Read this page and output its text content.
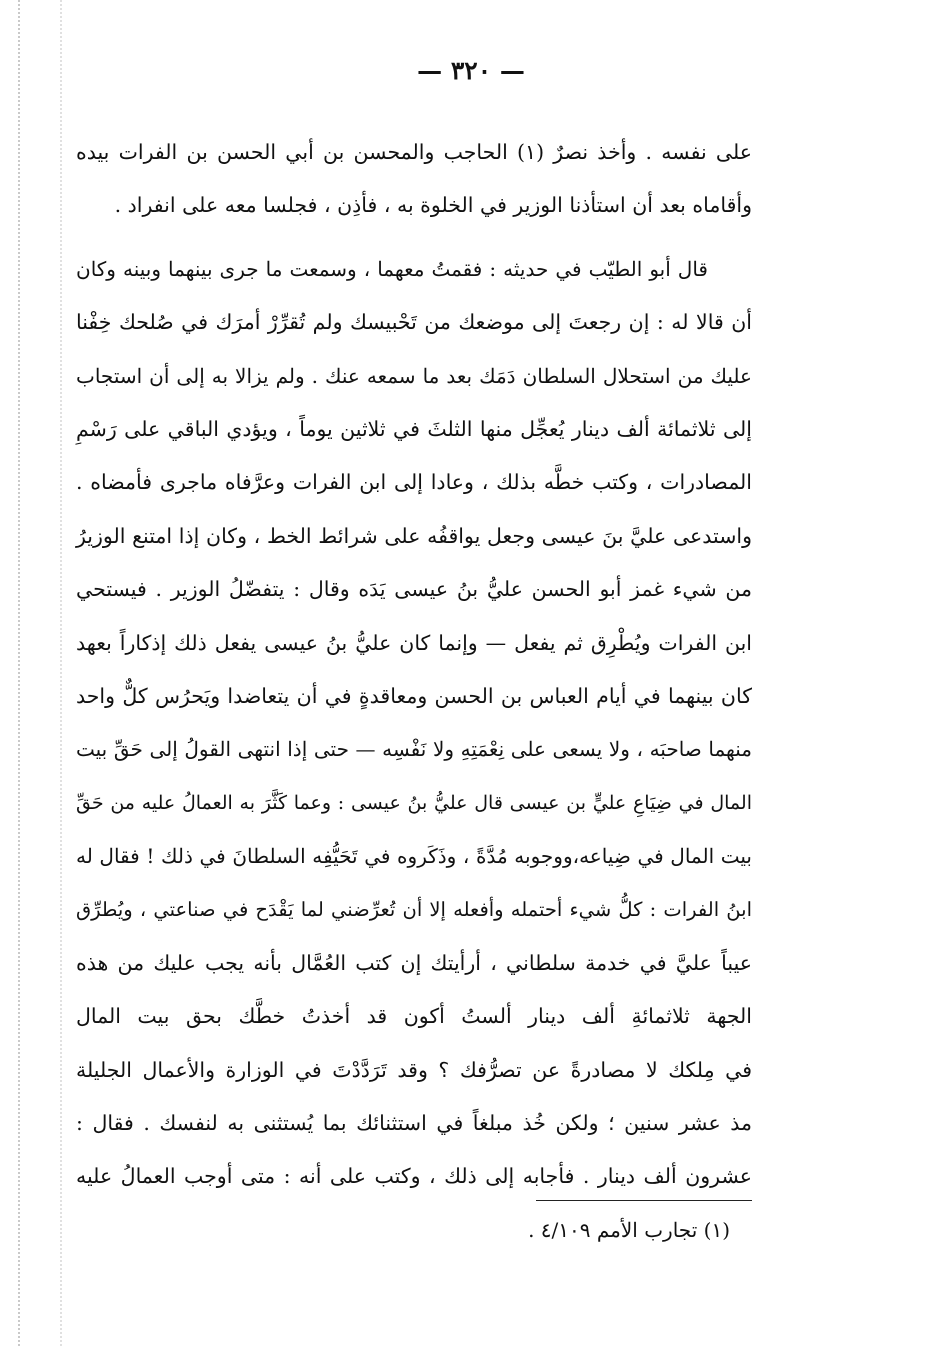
— ٣٢٠ —
على نفسه . وأخذ نصرٌ (١) الحاجب والمحسن بن أبي الحسن بن الفرات بيده
وأقاماه بعد أن استأذنا الوزير في الخلوة به ، فأذِن ، فجلسا معه على انفراد .
قال أبو الطيّب في حديثه : فقمتُ معهما ، وسمعت ما جرى بينهما وبينه وكان
أن قالا له : إن رجعتَ إلى موضعك من تَحْبيسك ولم تُقرِّرْ أمرَك في صُلحك خِفْنا
عليك من استحلال السلطان دَمَك بعد ما سمعه عنك . ولم يزالا به إلى أن استجاب
إلى ثلاثمائة ألف دينار يُعجِّل منها الثلثَ في ثلاثين يوماً ، ويؤدي الباقي على رَسْمِ
المصادرات ، وكتب خطَّه بذلك ، وعادا إلى ابن الفرات وعرَّفاه ماجرى فأمضاه .
واستدعى عليَّ بنَ عيسى وجعل يواقفُه على شرائط الخط ، وكان إذا امتنع الوزيرُ
من شيء غمز أبو الحسن عليُّ بنُ عيسى يَدَه وقال : يتفضّلُ الوزير . فيستحي
ابن الفرات ويُطْرِق ثم يفعل — وإنما كان عليُّ بنُ عيسى يفعل ذلك إذكاراً بعهد
كان بينهما في أيام العباس بن الحسن ومعاقدةٍ في أن يتعاضدا ويَحرُس كلٌّ واحد
منهما صاحبَه ، ولا يسعى على نِعْمَتِهِ ولا نَفْسِه — حتى إذا انتهى القولُ إلى حَقِّ بيت
المال في ضِيَاعِ عليٍّ بن عيسى قال عليُّ بنُ عيسى : وعما كَثَّرَ به العمالُ عليه من حَقِّ
بيت المال في ضِياعه،ووجوبه مُدَّةً ، وذَكَروه في تَحَيُّفِه السلطانَ في ذلك ! فقال له
ابنُ الفرات : كلُّ شيء أحتمله وأفعله إلا أن تُعرِّضني لما يَقْدَح في صناعتي ، ويُطرِّق
عيباً عليَّ في خدمة سلطاني ، أرأيتك إن كتب العُمَّال بأنه يجب عليك من هذه
الجهة ثلاثمائةِ ألف دينار ألستُ أكون قد أخذتُ خطَّك بحق بيت المال
في مِلكك لا مصادرةً عن تصرُّفك ؟ وقد تَرَدَّدْتَ في الوزارة والأعمال الجليلة
مذ عشر سنين ؛ ولكن خُذ مبلغاً في استثنائك بما يُستثنى به لنفسك . فقال :
عشرون ألف دينار . فأجابه إلى ذلك ، وكتب على أنه : متى أوجب العمالُ عليه
(١) تجارب الأمم ٤/١٠٩ .
